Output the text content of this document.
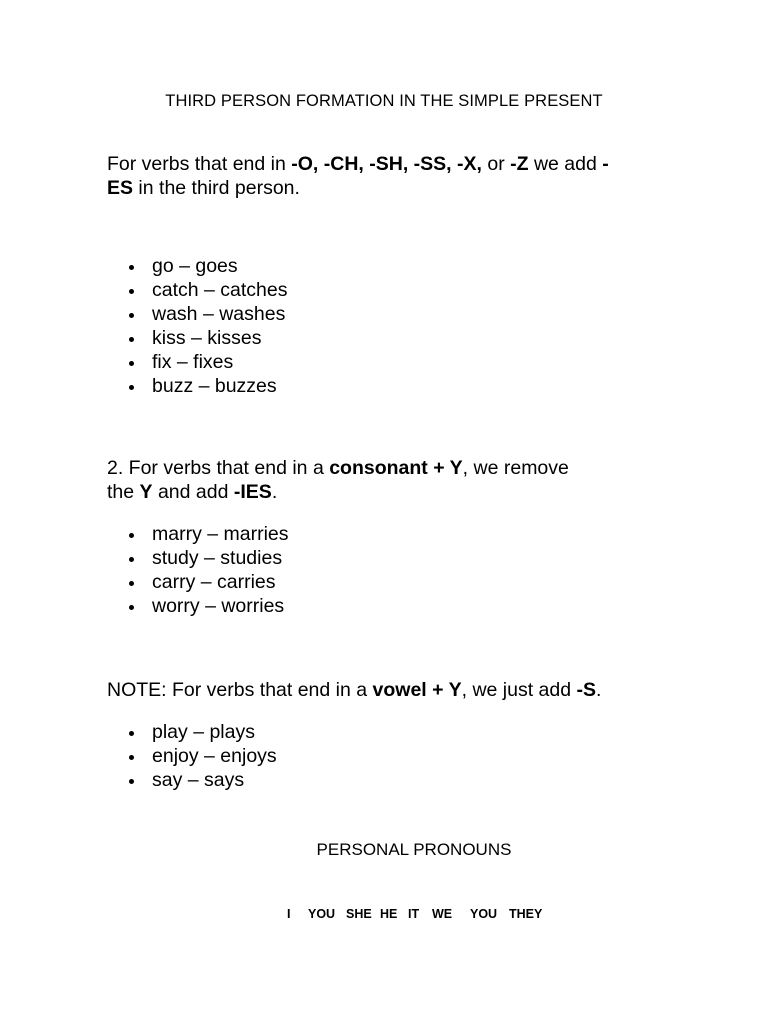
THIRD PERSON FORMATION IN THE SIMPLE PRESENT
For verbs that end in -O, -CH, -SH, -SS, -X, or -Z we add -
ES in the third person.
go – goes
catch – catches
wash – washes
kiss – kisses
fix – fixes
buzz – buzzes
2. For verbs that end in a consonant + Y, we remove
the Y and add -IES.
marry – marries
study – studies
carry – carries
worry – worries
NOTE: For verbs that end in a vowel + Y, we just add -S.
play – plays
enjoy – enjoys
say – says
PERSONAL PRONOUNS
I YOU SHE HE IT WE YOU THEY
